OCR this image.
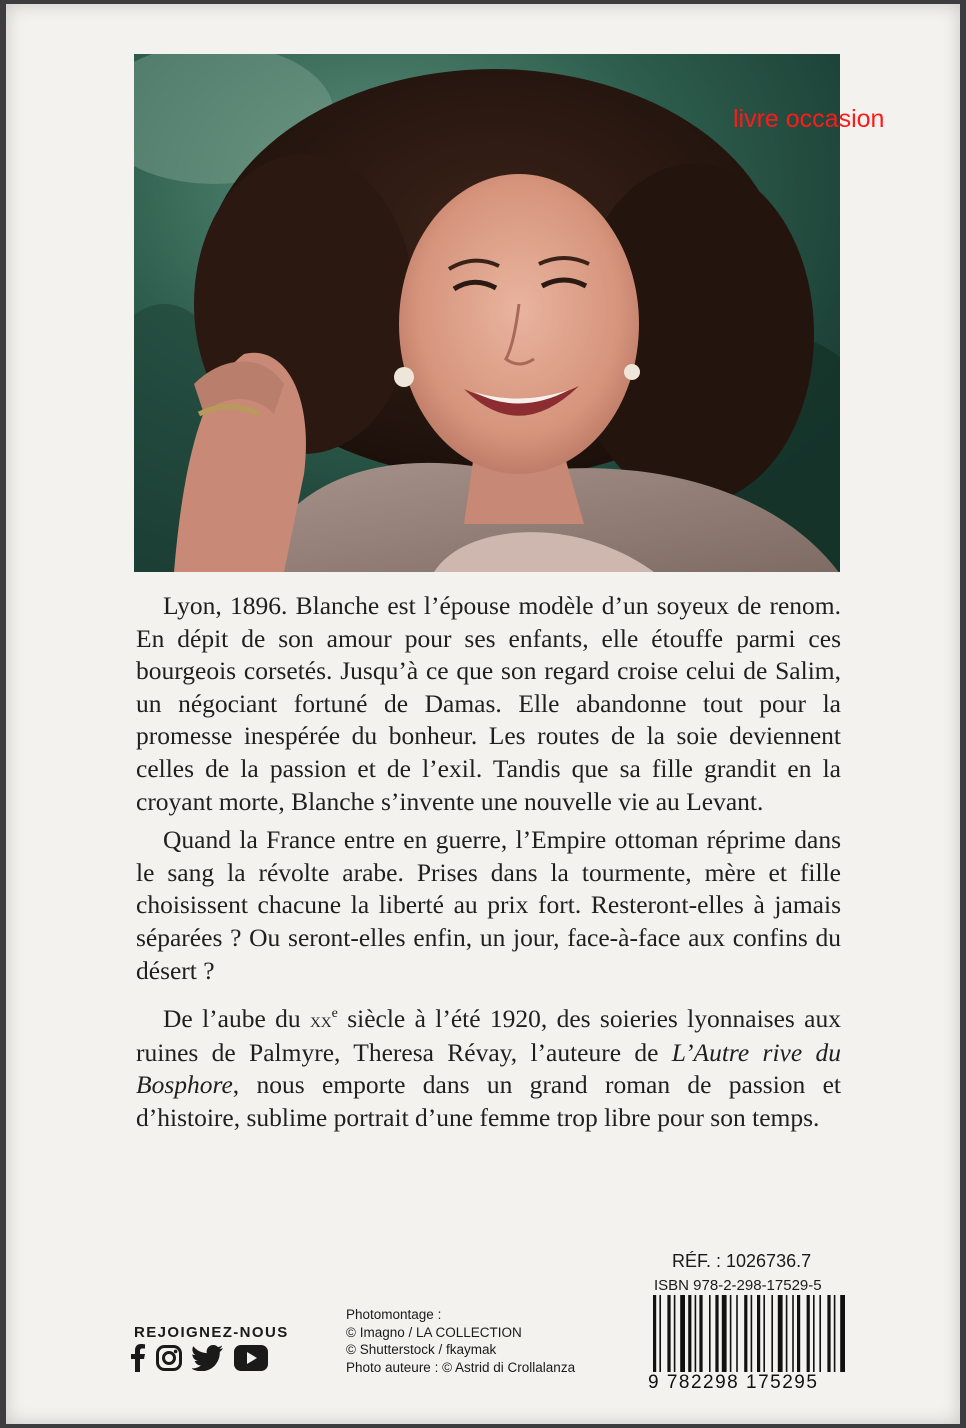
livre occasion

Lyon, 1896. Blanche est l’épouse modèle d’un soyeux de renom. En dépit de son amour pour ses enfants, elle étouffe parmi ces bourgeois corsetés. Jusqu’à ce que son regard croise celui de Salim, un négociant fortuné de Damas. Elle abandonne tout pour la promesse inespérée du bonheur. Les routes de la soie deviennent celles de la passion et de l’exil. Tandis que sa fille grandit en la croyant morte, Blanche s’invente une nouvelle vie au Levant.

Quand la France entre en guerre, l’Empire ottoman réprime dans le sang la révolte arabe. Prises dans la tourmente, mère et fille choisissent chacune la liberté au prix fort. Resteront-elles à jamais séparées ? Ou seront-elles enfin, un jour, face-à-face aux confins du désert ?

De l’aube du $xx^e$ siècle à l’été 1920, des soieries lyonnaises aux ruines de Palmyre, Theresa Révay, l’auteure de L’Autre rive du Bosphore, nous emporte dans un grand roman de passion et d’histoire, sublime portrait d’une femme trop libre pour son temps.

RÉF. : 1026736.7
ISBN 978-2-298-17529-5
9 782298 175295
REJOIGNEZ-NOUS
Photomontage :
© Imagno / LA COLLECTION
© Shutterstock / fkaymak
Photo auteure : © Astrid di Crollalanza
